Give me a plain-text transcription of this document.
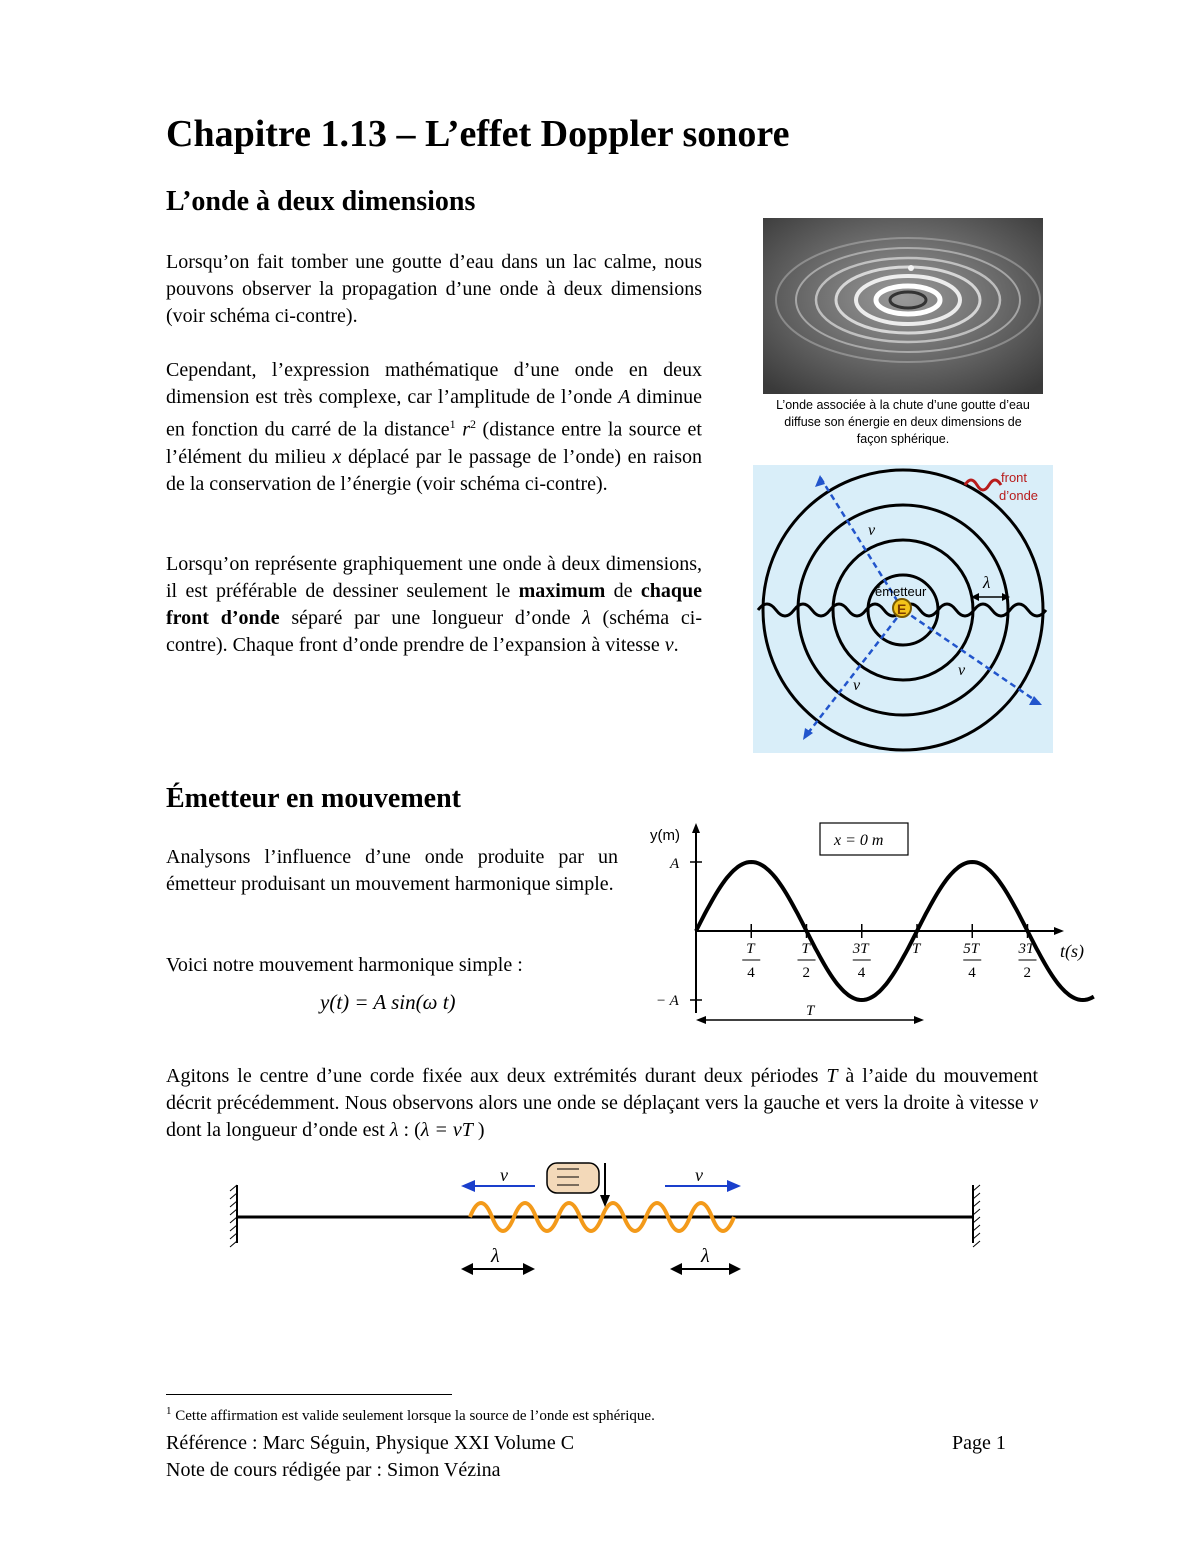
Chapitre 1.13 – L’effet Doppler sonore
L’onde à deux dimensions

Lorsqu’on fait tomber une goutte d’eau dans un lac calme, nous pouvons observer la propagation d’une onde à deux dimensions (voir schéma ci-contre).

Cependant, l’expression mathématique d’une onde en deux dimension est très complexe, car l’amplitude de l’onde A diminue en fonction du carré de la distance$^1$ $r^2$ (distance entre la source et l’élément du milieu x déplacé par le passage de l’onde) en raison de la conservation de l’énergie (voir schéma ci-contre).

Lorsqu’on représente graphiquement une onde à deux dimensions, il est préférable de dessiner seulement le maximum de chaque front d’onde séparé par une longueur d’onde λ (schéma ci-contre). Chaque front d’onde prendre de l’expansion à vitesse v.

L’onde associée à la chute d’une goutte d’eau diffuse son énergie en deux dimensions de façon sphérique.
λ
v
v
v
E
émetteur
front
d’onde
Émetteur en mouvement

Analysons l’influence d’une onde produite par un émetteur produisant un mouvement harmonique simple.

Voici notre mouvement harmonique simple :

y(t) = A sin(ω t)
y(m)
A
− A
t(s)
x = 0 m
T
4
T
2
3T
4
T	5T
4
3T
2
T

Agitons le centre d’une corde fixée aux deux extrémités durant deux périodes T à l’aide du mouvement décrit précédemment. Nous observons alors une onde se déplaçant vers la gauche et vers la droite à vitesse v dont la longueur d’onde est λ : (λ = vT )

v	v
λ	λ
$^1$ Cette affirmation est valide seulement lorsque la source de l’onde est sphérique.
Référence : Marc Séguin, Physique XXI Volume C	Page 1
Note de cours rédigée par : Simon Vézina
